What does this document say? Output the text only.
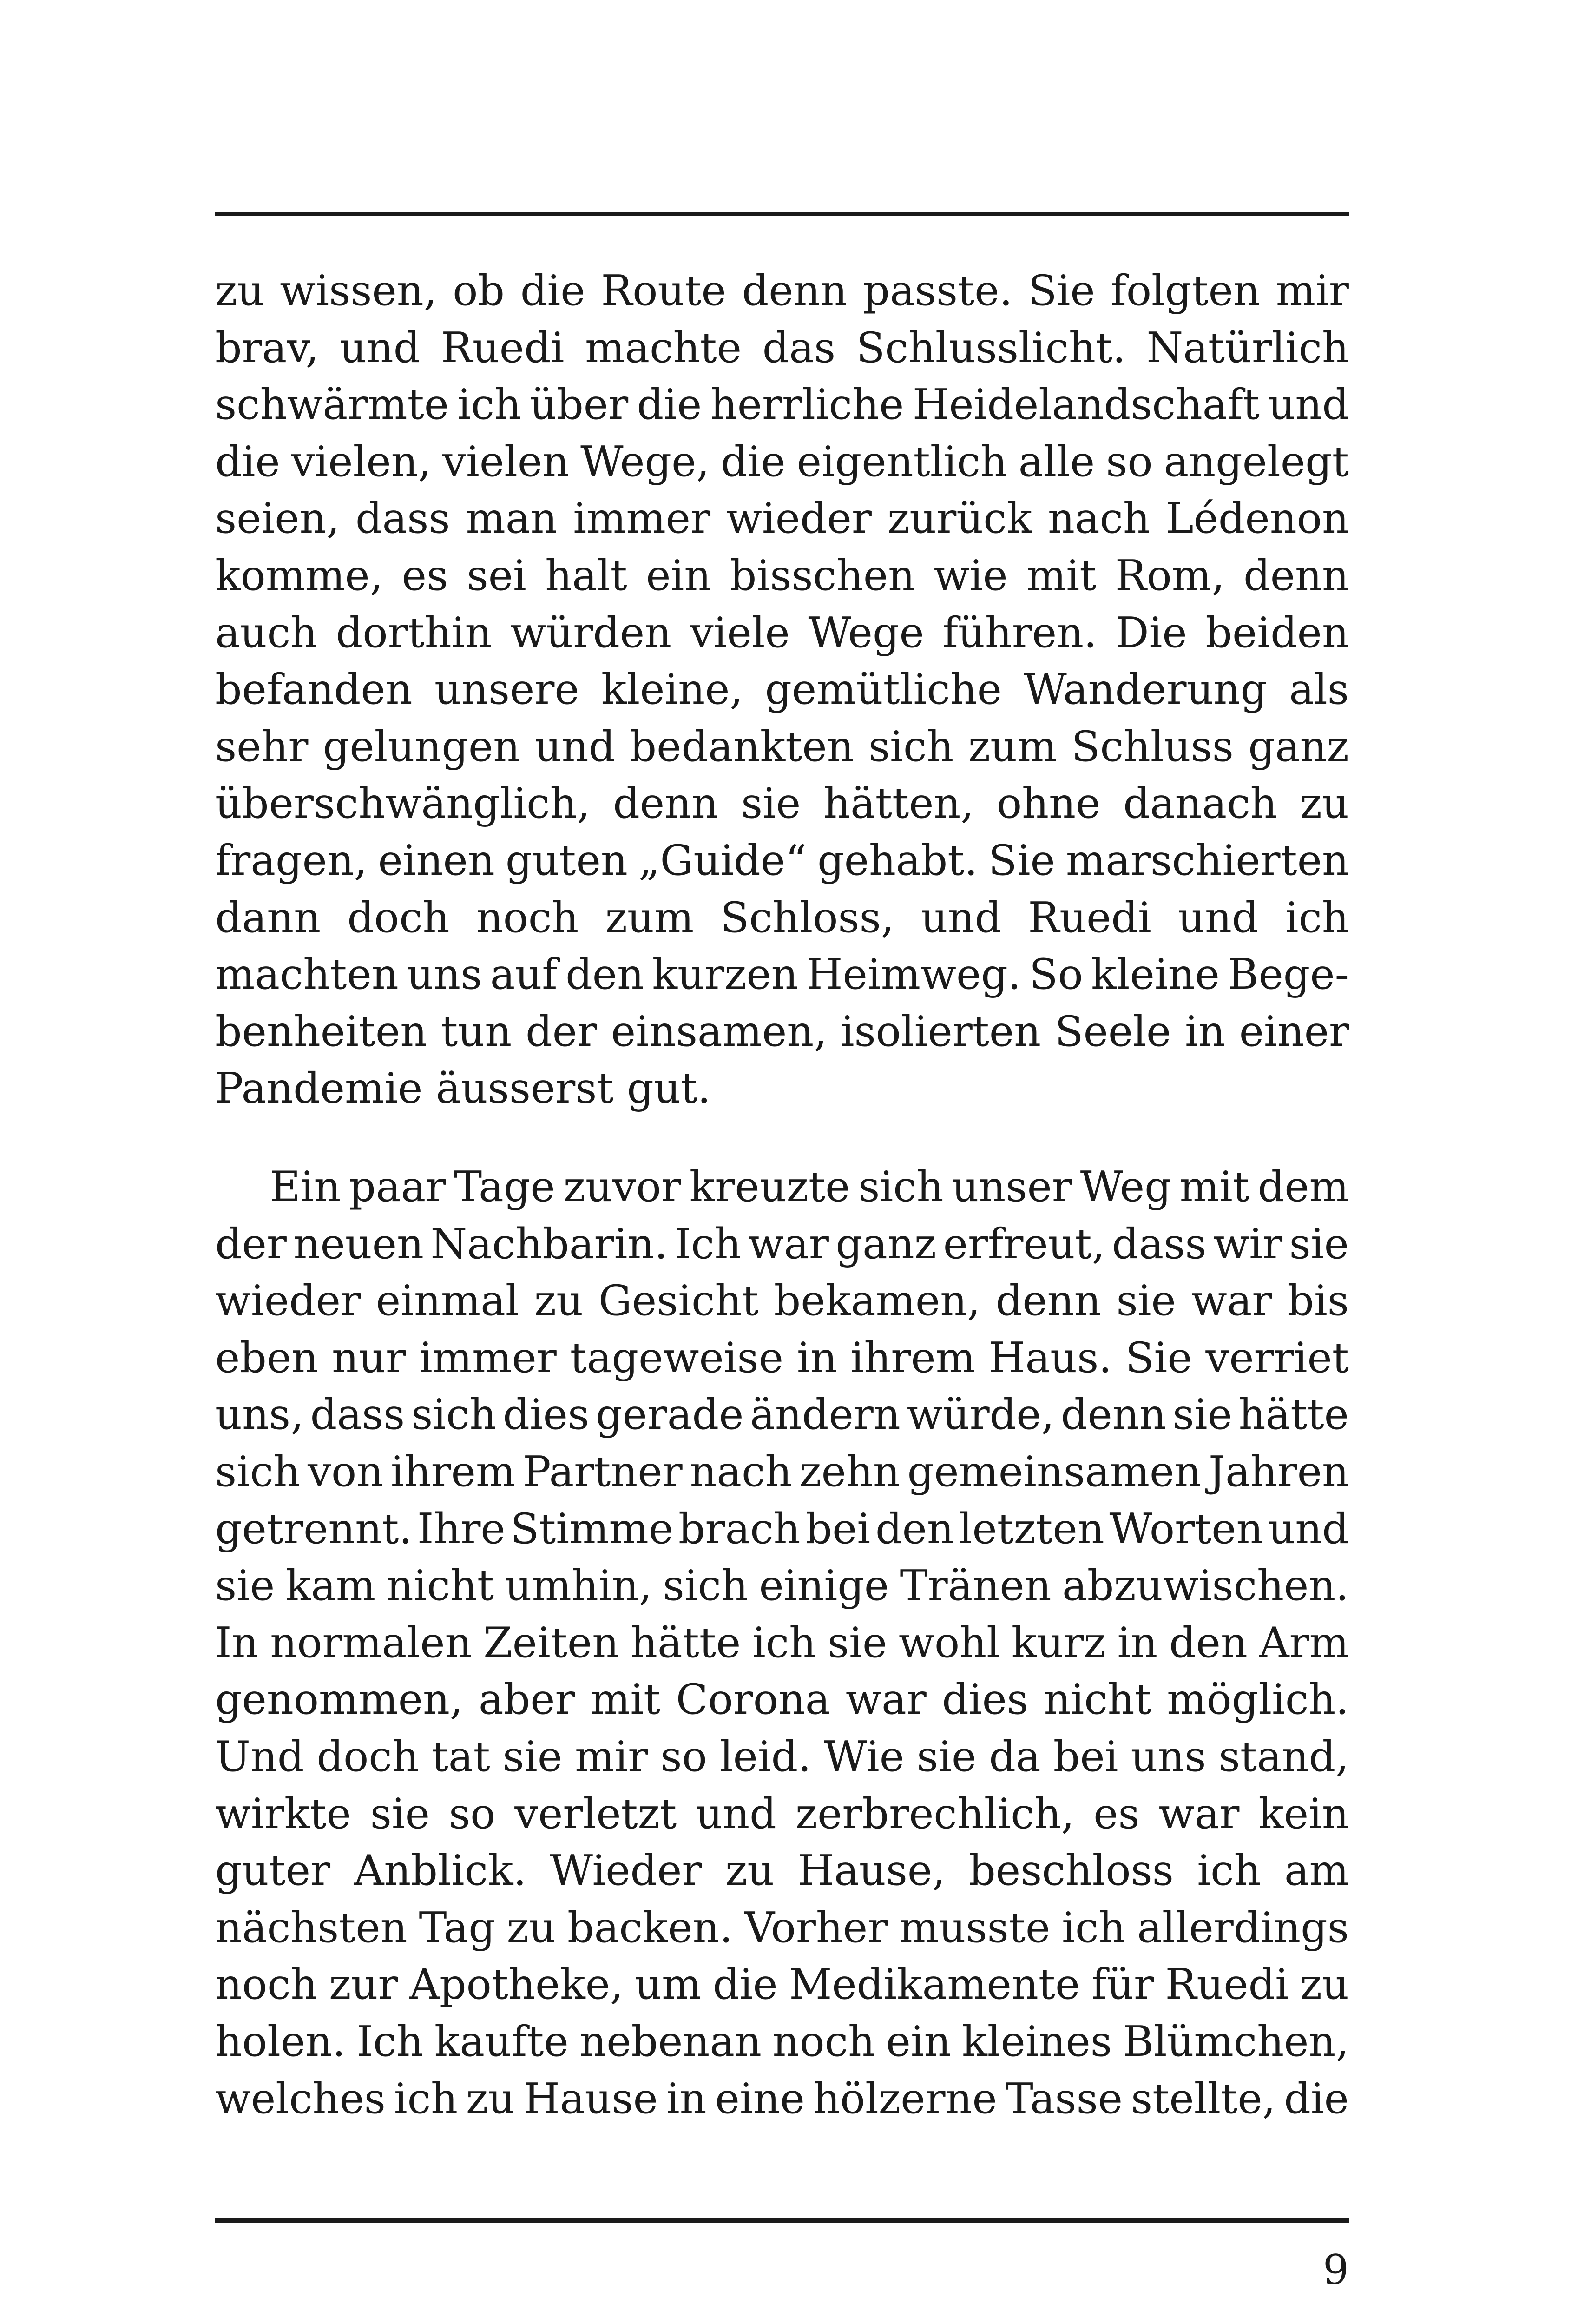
zu wissen, ob die Route denn passte. Sie folgten mir
brav, und Ruedi machte das Schlusslicht. Natürlich
schwärmte ich über die herrliche Heidelandschaft und
die vielen, vielen Wege, die eigentlich alle so angelegt
seien, dass man immer wieder zurück nach Lédenon
komme, es sei halt ein bisschen wie mit Rom, denn
auch dorthin würden viele Wege führen. Die beiden
befanden unsere kleine, gemütliche Wanderung als
sehr gelungen und bedankten sich zum Schluss ganz
überschwänglich, denn sie hätten, ohne danach zu
fragen, einen guten „Guide“ gehabt. Sie marschierten
dann doch noch zum Schloss, und Ruedi und ich
machten uns auf den kurzen Heimweg. So kleine Bege-
benheiten tun der einsamen, isolierten Seele in einer
Pandemie äusserst gut.

Ein paar Tage zuvor kreuzte sich unser Weg mit dem
der neuen Nachbarin. Ich war ganz erfreut, dass wir sie
wieder einmal zu Gesicht bekamen, denn sie war bis
eben nur immer tageweise in ihrem Haus. Sie verriet
uns, dass sich dies gerade ändern würde, denn sie hätte
sich von ihrem Partner nach zehn gemeinsamen Jahren
getrennt. Ihre Stimme brach bei den letzten Worten und
sie kam nicht umhin, sich einige Tränen abzuwischen.
In normalen Zeiten hätte ich sie wohl kurz in den Arm
genommen, aber mit Corona war dies nicht möglich.
Und doch tat sie mir so leid. Wie sie da bei uns stand,
wirkte sie so verletzt und zerbrechlich, es war kein
guter Anblick. Wieder zu Hause, beschloss ich am
nächsten Tag zu backen. Vorher musste ich allerdings
noch zur Apotheke, um die Medikamente für Ruedi zu
holen. Ich kaufte nebenan noch ein kleines Blümchen,
welches ich zu Hause in eine hölzerne Tasse stellte, die

9
